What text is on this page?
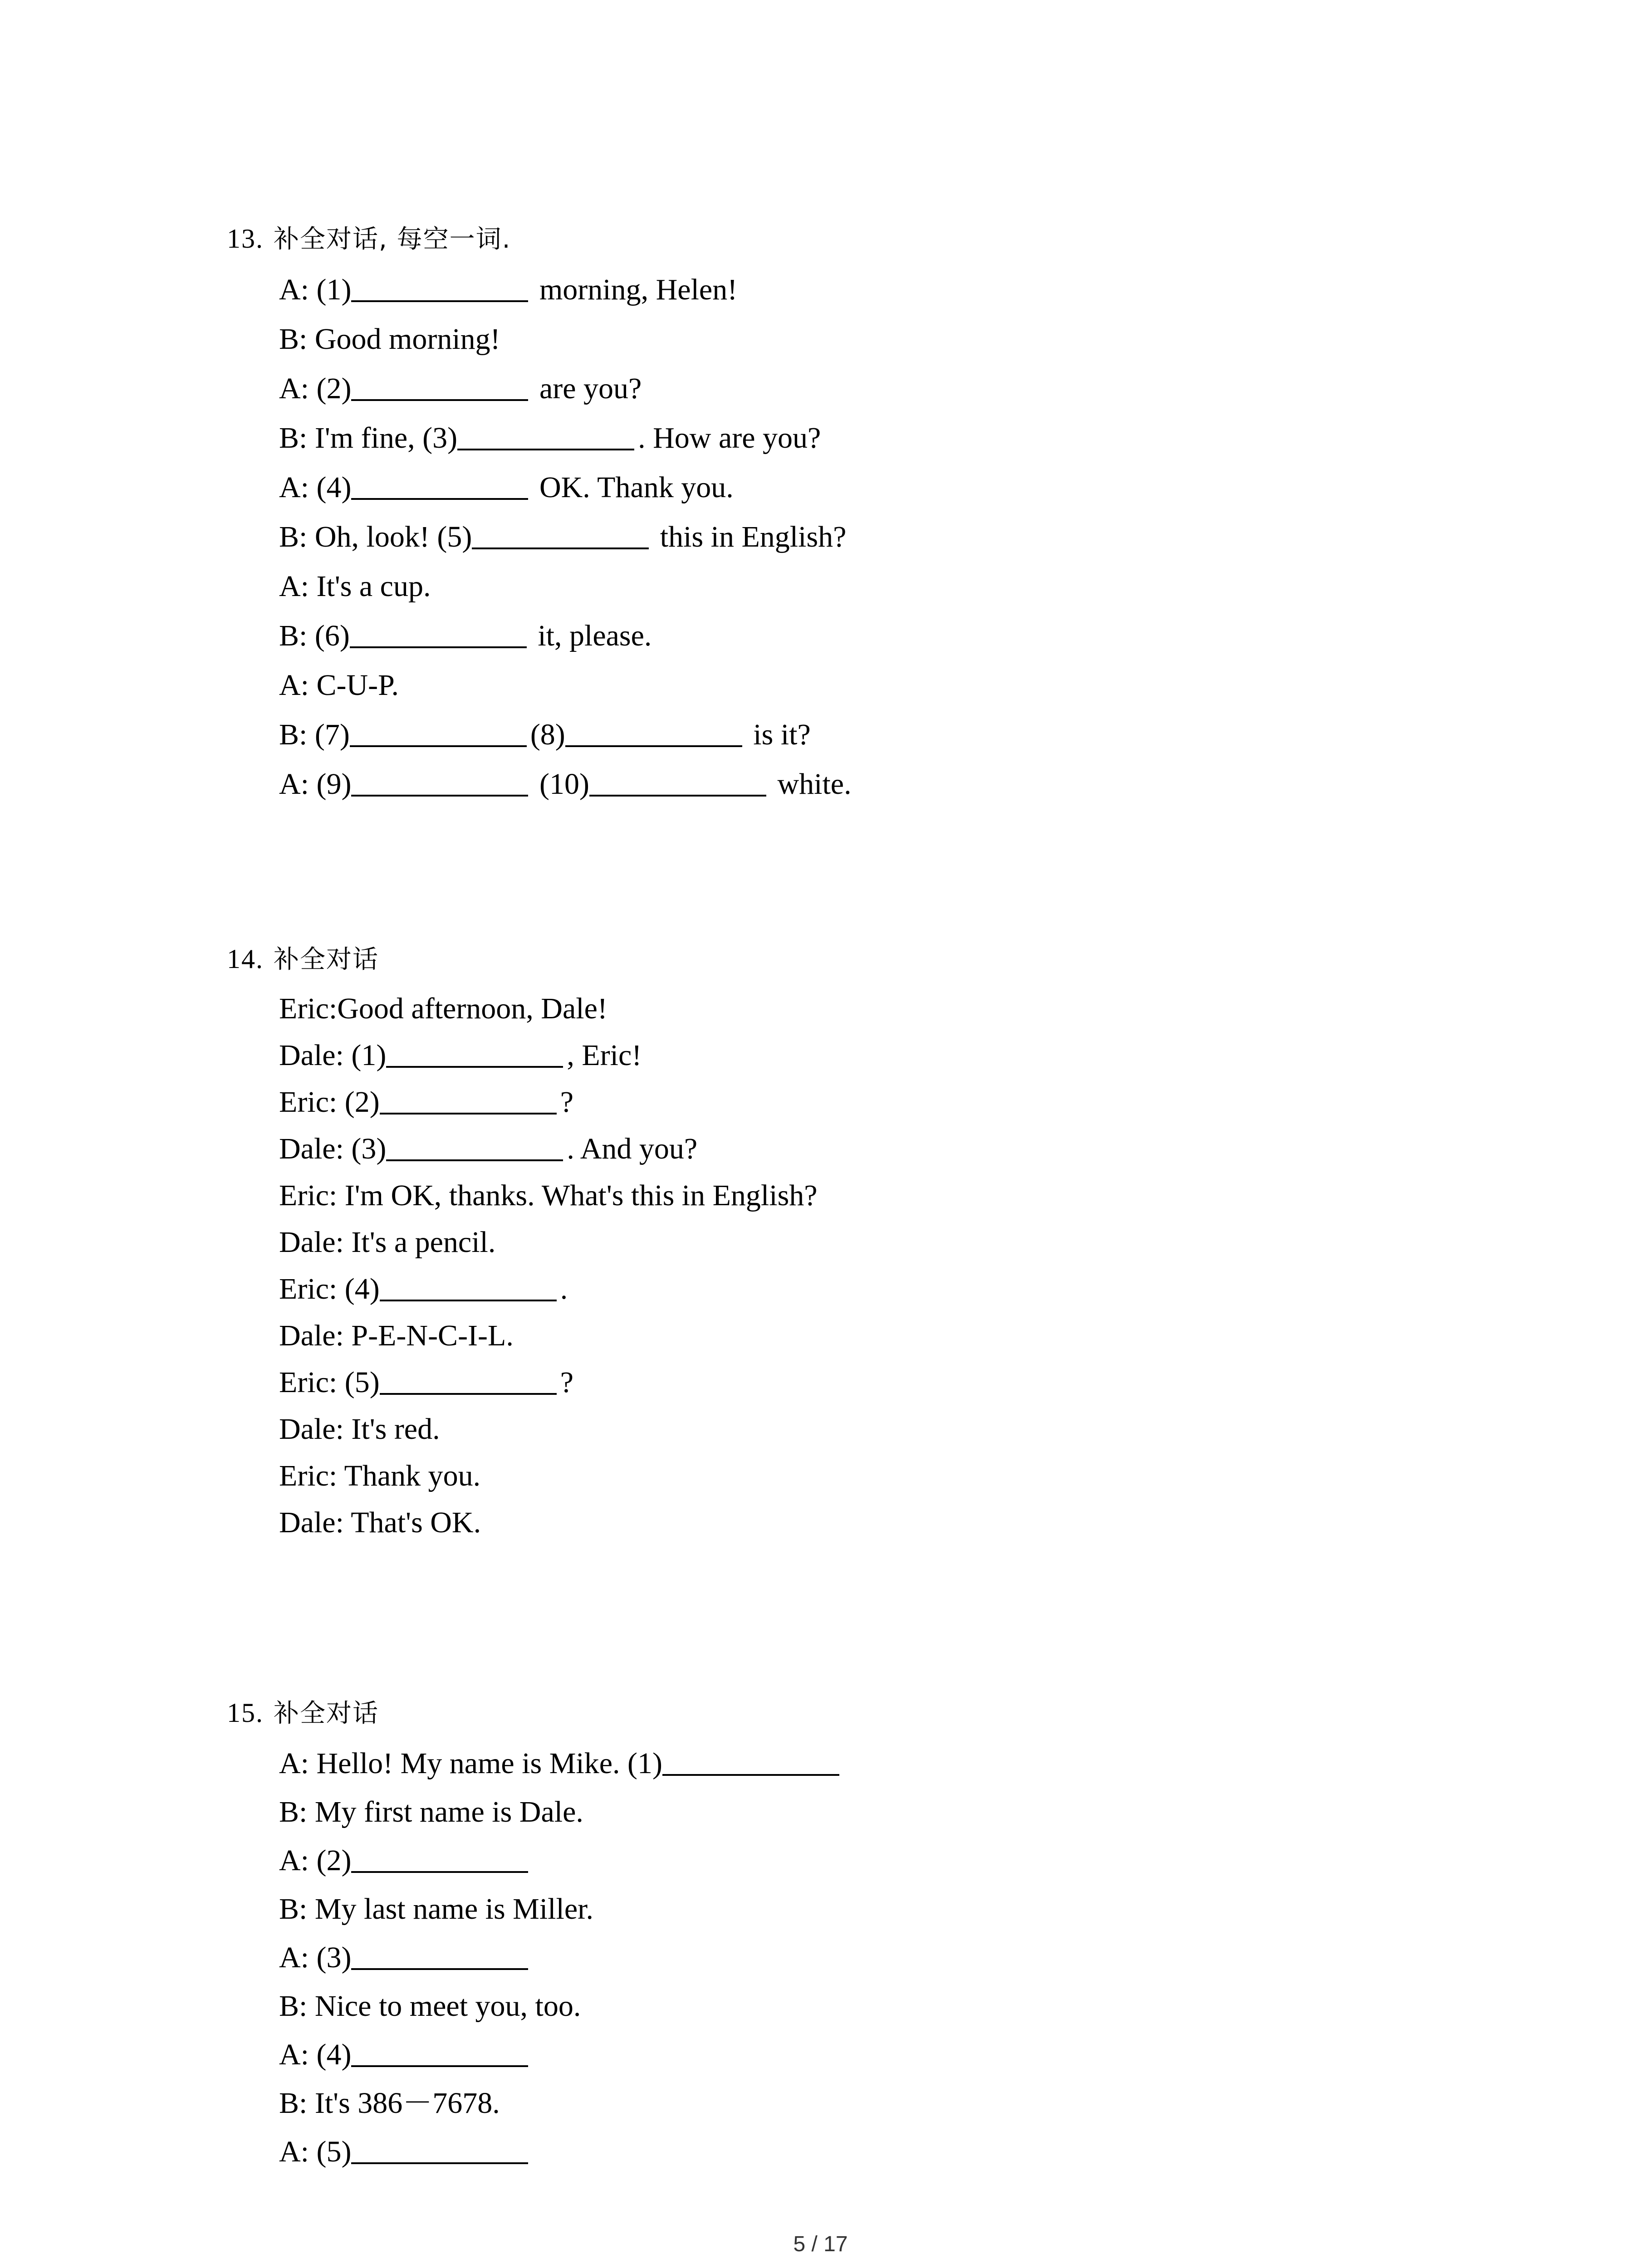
13. 补全对话, 每空一词.
A: (1)	morning, Helen!
B: Good morning!
A: (2)	are you?
B: I'm fine, (3)	. How are you?
A: (4)	OK. Thank you.
B: Oh, look! (5)	this in English?
A: It's a cup.
B: (6)	it, please.
A: C-U-P.
B: (7)	(8)	is it?
A: (9)	(10)	white.
14. 补全对话
Eric:Good afternoon, Dale!
Dale: (1)	, Eric!
Eric: (2)	?
Dale: (3)	. And you?
Eric: I'm OK, thanks. What's this in English?
Dale: It's a pencil.
Eric: (4)	.
Dale: P-E-N-C-I-L.
Eric: (5)	?
Dale: It's red.
Eric: Thank you.
Dale: That's OK.
15. 补全对话
A: Hello! My name is Mike. (1)
B: My first name is Dale.
A: (2)
B: My last name is Miller.
A: (3)
B: Nice to meet you, too.
A: (4)
B: It's 386－7678.
A: (5)
5 / 17
